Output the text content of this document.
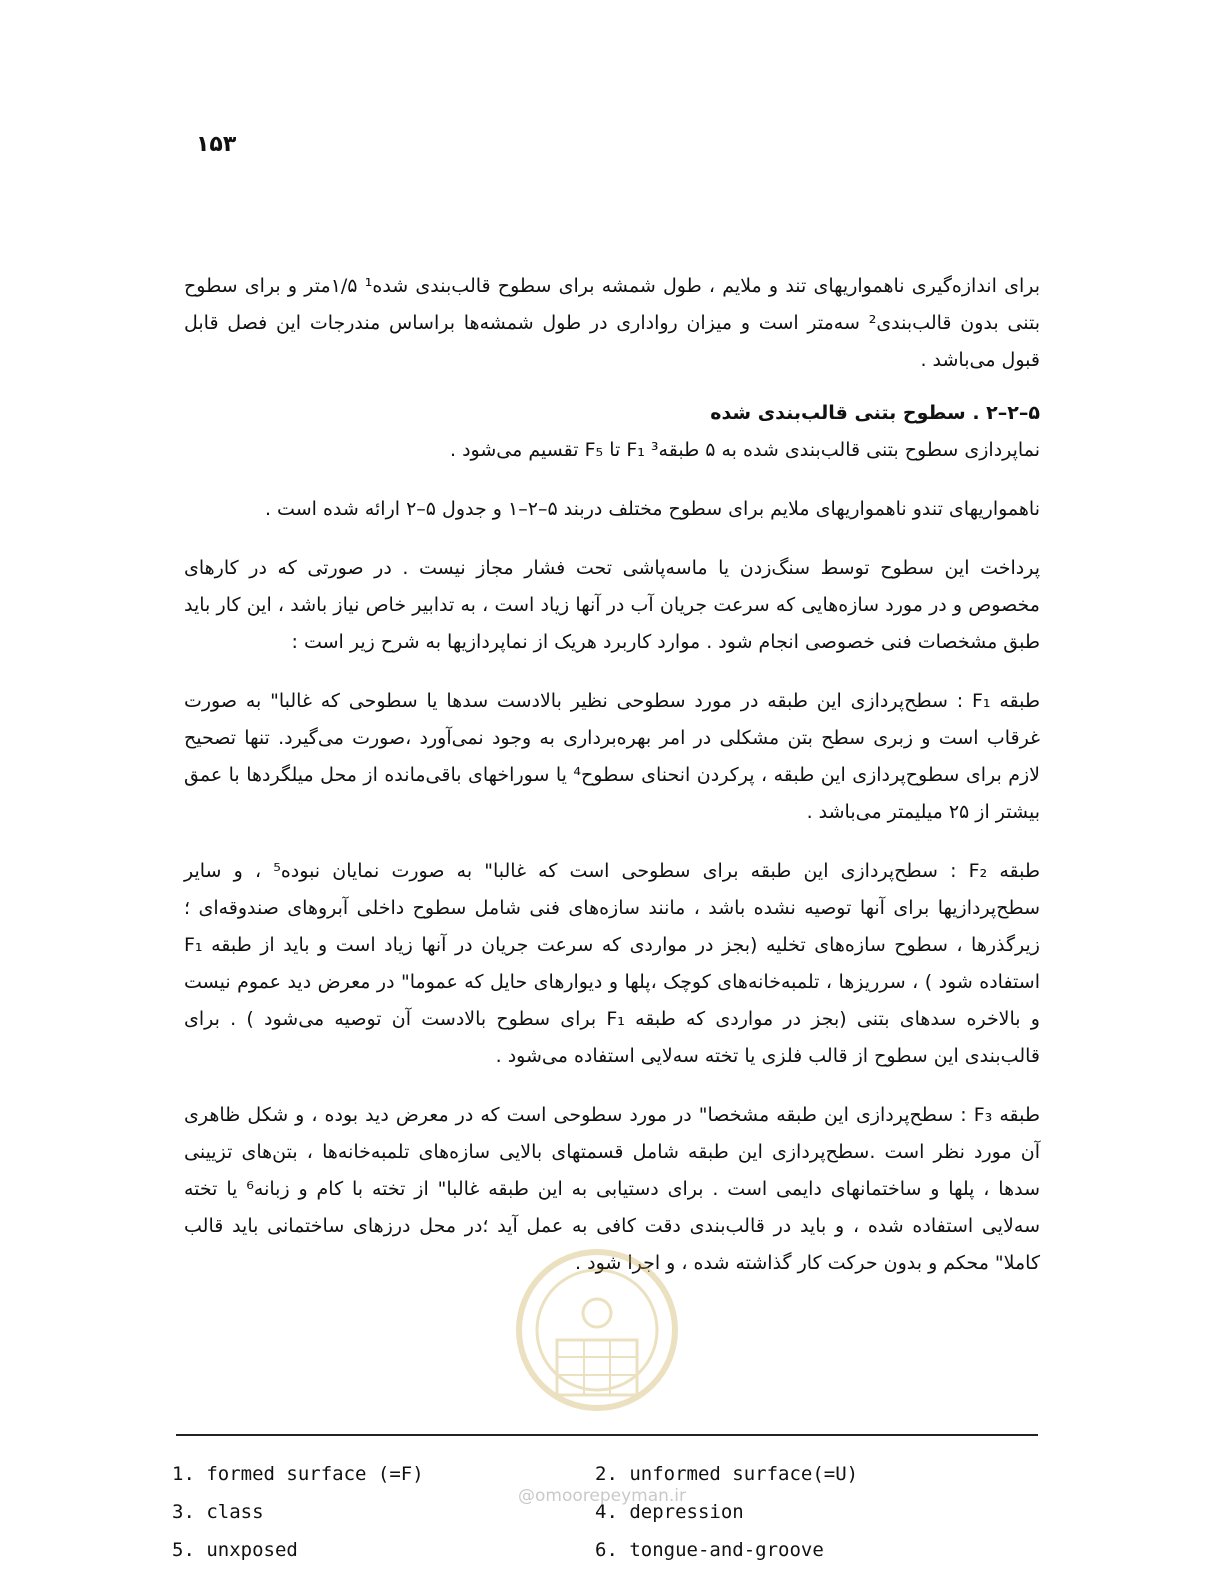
۱۵۳

برای اندازه‌گیری ناهمواریهای تند و ملایم ، طول شمشه برای سطوح قالب‌بندی شده¹ ۱/۵متر و برای سطوح بتنی بدون قالب‌بندی² سه‌متر است و میزان رواداری در طول شمشه‌ها براساس مندرجات این فصل قابل قبول می‌باشد .

۵–۲–۲ . سطوح بتنی قالب‌بندی شده

نماپردازی سطوح بتنی قالب‌بندی شده به ۵ طبقه³ F₁ تا F₅ تقسیم می‌شود .

ناهمواریهای تندو ناهمواریهای ملایم برای سطوح مختلف دربند ۵–۲–۱ و جدول ۵–۲ ارائه شده است .

پرداخت این سطوح توسط سنگ‌زدن یا ماسه‌پاشی تحت فشار مجاز نیست . در صورتی که در کارهای مخصوص و در مورد سازه‌هایی که سرعت جریان آب در آنها زیاد است ، به تدابیر خاص نیاز باشد ، این کار باید طبق مشخصات فنی خصوصی انجام شود . موارد کاربرد هریک از نماپردازیها به شرح زیر است :

طبقه F₁ : سطح‌پردازی این طبقه در مورد سطوحی نظیر بالادست سدها یا سطوحی که غالبا" به صورت غرقاب است و زبری سطح بتن مشکلی در امر بهره‌برداری به وجود نمی‌آورد ،صورت می‌گیرد. تنها تصحیح لازم برای سطوح‌پردازی این طبقه ، پرکردن انحنای سطوح⁴ یا سوراخهای باقی‌مانده از محل میلگردها با عمق بیشتر از ۲۵ میلیمتر می‌باشد .

طبقه F₂ : سطح‌پردازی این طبقه برای سطوحی است که غالبا" به صورت نمایان نبوده⁵ ، و سایر سطح‌پردازیها برای آنها توصیه نشده باشد ، مانند سازه‌های فنی شامل سطوح داخلی آبروهای صندوقه‌ای ؛ زیرگذرها ، سطوح سازه‌های تخلیه (بجز در مواردی که سرعت جریان در آنها زیاد است و باید از طبقه F₁ استفاده شود ) ، سرریزها ، تلمبه‌خانه‌های کوچک ،پلها و دیوارهای حایل که عموما" در معرض دید عموم نیست و بالاخره سدهای بتنی (بجز در مواردی که طبقه F₁ برای سطوح بالادست آن توصیه می‌شود ) . برای قالب‌بندی این سطوح از قالب فلزی یا تخته سه‌لایی استفاده می‌شود .

طبقه F₃ : سطح‌پردازی این طبقه مشخصا" در مورد سطوحی است که در معرض دید بوده ، و شکل ظاهری آن مورد نظر است .سطح‌پردازی این طبقه شامل قسمتهای بالایی سازه‌های تلمبه‌خانه‌ها ، بتن‌های تزیینی سدها ، پلها و ساختمانهای دایمی است . برای دستیابی به این طبقه غالبا" از تخته با کام و زبانه⁶ یا تخته سه‌لایی استفاده شده ، و باید در قالب‌بندی دقت کافی به عمل آید ؛در محل درزهای ساختمانی باید قالب کاملا" محکم و بدون حرکت کار گذاشته شده ، و اجرا شود .

@omoorepeyman.ir
1. formed surface (=F)	2. unformed surface(=U)
3. class	4. depression
5. unxposed	6. tongue-and-groove
